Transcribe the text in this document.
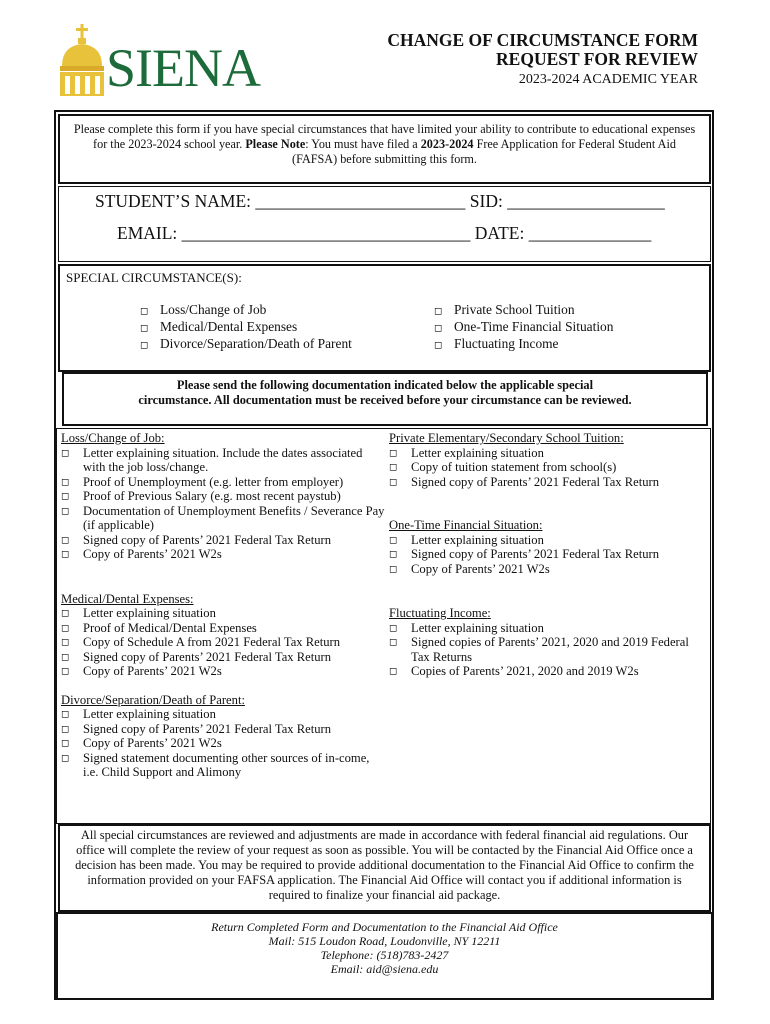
SIENA	CHANGE OF CIRCUMSTANCE FORM
REQUEST FOR REVIEW
2023-2024 ACADEMIC YEAR
Please complete this form if you have special circumstances that have limited your ability to contribute to educational expenses for the 2023-2024 school year. Please Note: You must have filed a 2023-2024 Free Application for Federal Student Aid (FAFSA) before submitting this form.
STUDENT’S NAME: ________________________ SID: __________________
EMAIL: _________________________________ DATE: ______________
SPECIAL CIRCUMSTANCE(S):
◻ Loss/Change of Job
◻ Medical/Dental Expenses
◻ Divorce/Separation/Death of Parent
◻ Private School Tuition
◻ One-Time Financial Situation
◻ Fluctuating Income
Please send the following documentation indicated below the applicable special
circumstance. All documentation must be received before your circumstance can be reviewed.
Loss/Change of Job:
◻	Letter explaining situation. Include the dates associated with the job loss/change.
◻	Proof of Unemployment (e.g. letter from employer)
◻	Proof of Previous Salary (e.g. most recent paystub)
◻	Documentation of Unemployment Benefits / Severance Pay (if applicable)
◻	Signed copy of Parents’ 2021 Federal Tax Return
◻	Copy of Parents’ 2021 W2s
Medical/Dental Expenses:
◻	Letter explaining situation
◻	Proof of Medical/Dental Expenses
◻	Copy of Schedule A from 2021 Federal Tax Return
◻	Signed copy of Parents’ 2021 Federal Tax Return
◻	Copy of Parents’ 2021 W2s
Divorce/Separation/Death of Parent:
◻	Letter explaining situation
◻	Signed copy of Parents’ 2021 Federal Tax Return
◻	Copy of Parents’ 2021 W2s
◻	Signed statement documenting other sources of in-come, i.e. Child Support and Alimony
Private Elementary/Secondary School Tuition:
◻	Letter explaining situation
◻	Copy of tuition statement from school(s)
◻	Signed copy of Parents’ 2021 Federal Tax Return
One-Time Financial Situation:
◻	Letter explaining situation
◻	Signed copy of Parents’ 2021 Federal Tax Return
◻	Copy of Parents’ 2021 W2s
Fluctuating Income:
◻	Letter explaining situation
◻	Signed copies of Parents’ 2021, 2020 and 2019 Federal Tax Returns
◻	Copies of Parents’ 2021, 2020 and 2019 W2s
All special circumstances are reviewed and adjustments are made in accordance with federal financial aid regulations. Our office will complete the review of your request as soon as possible. You will be contacted by the Financial Aid Office once a decision has been made. You may be required to provide additional documentation to the Financial Aid Office to confirm the information provided on your FAFSA application. The Financial Aid Office will contact you if additional information is required to finalize your financial aid package.
Return Completed Form and Documentation to the Financial Aid Office
Mail: 515 Loudon Road, Loudonville, NY 12211
Telephone: (518)783-2427
Email: aid@siena.edu
